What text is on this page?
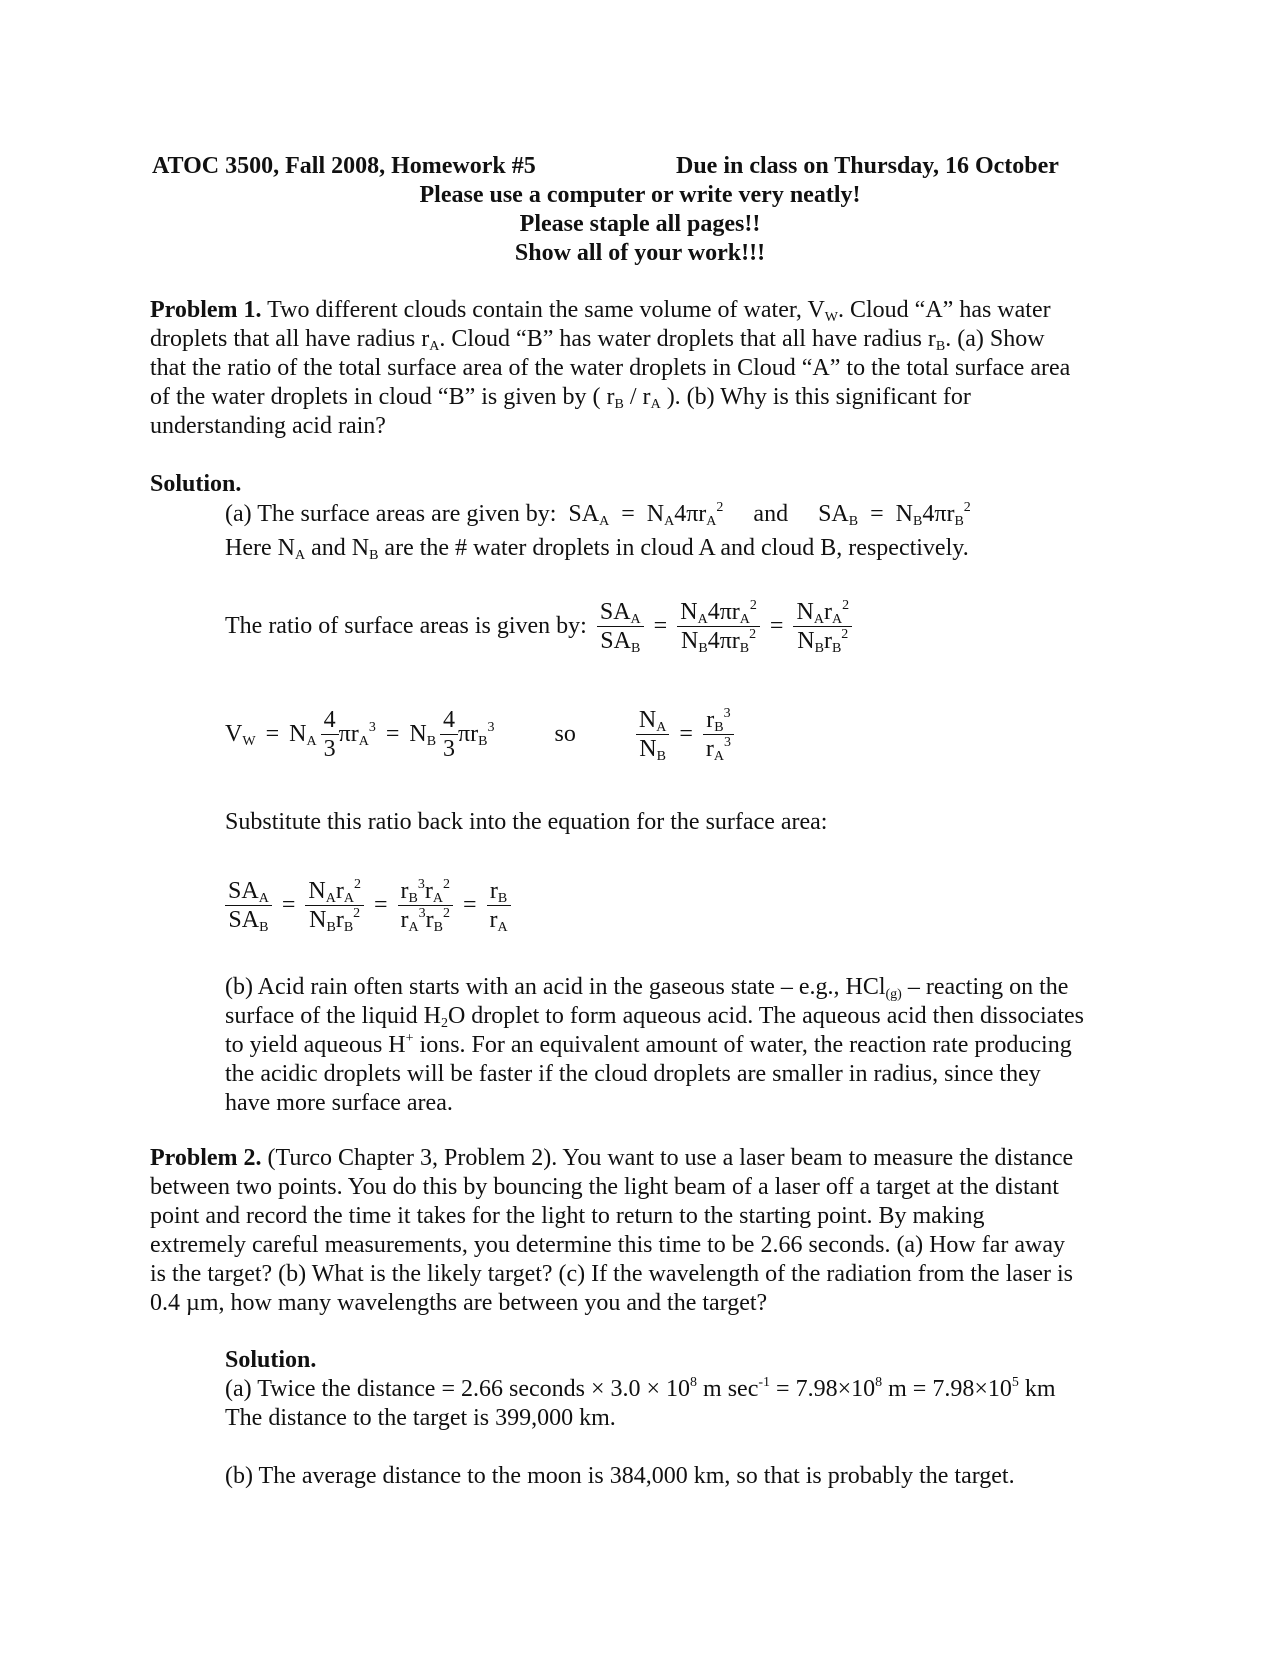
ATOC 3500, Fall 2008, Homework #5	Due in class on Thursday, 16 October
Please use a computer or write very neatly!
Please staple all pages!!
Show all of your work!!!
Problem 1. Two different clouds contain the same volume of water, $V_W$. Cloud “A” has water
droplets that all have radius $r_A$. Cloud “B” has water droplets that all have radius $r_B$. (a) Show
that the ratio of the total surface area of the water droplets in Cloud “A” to the total surface area
of the water droplets in cloud “B” is given by ( $r_B / r_A$ ). (b) Why is this significant for
understanding acid rain?
Solution.
(a) The surface areas are given by: $SA_A = N_A4\pi r_A^2$ and $SA_B = N_B4\pi r_B^2$
Here $N_A$ and $N_B$ are the # water droplets in cloud A and cloud B, respectively.
The ratio of surface areas is given by: $\frac{SA_A}{SA_B} = \frac{N_A4\pi r_A^2}{N_B4\pi r_B^2} = \frac{N_Ar_A^2}{N_Br_B^2}$
$V_W = N_A \frac{4}{3} \pi r_A^3 = N_B \frac{4}{3} \pi r_B^3$	so	$\frac{N_A}{N_B} = \frac{r_B^3}{r_A^3}$
Substitute this ratio back into the equation for the surface area:
$\frac{SA_A}{SA_B} = \frac{N_Ar_A^2}{N_Br_B^2} = \frac{r_B^3r_A^2}{r_A^3r_B^2} = \frac{r_B}{r_A}$
(b) Acid rain often starts with an acid in the gaseous state – e.g., HCl$_{(g)}$ – reacting on the
surface of the liquid $H_2O$ droplet to form aqueous acid. The aqueous acid then dissociates
to yield aqueous H+ ions. For an equivalent amount of water, the reaction rate producing
the acidic droplets will be faster if the cloud droplets are smaller in radius, since they
have more surface area.
Problem 2. (Turco Chapter 3, Problem 2). You want to use a laser beam to measure the distance
between two points. You do this by bouncing the light beam of a laser off a target at the distant
point and record the time it takes for the light to return to the starting point. By making
extremely careful measurements, you determine this time to be 2.66 seconds. (a) How far away
is the target? (b) What is the likely target? (c) If the wavelength of the radiation from the laser is
0.4 µm, how many wavelengths are between you and the target?
Solution.
(a) Twice the distance = 2.66 seconds × $3.0 \times 10^8$ m $\sec^{-1} = 7.98\times 10^8$ $m = 7.98\times 10^5$ km
The distance to the target is 399,000 km.
(b) The average distance to the moon is 384,000 km, so that is probably the target.
